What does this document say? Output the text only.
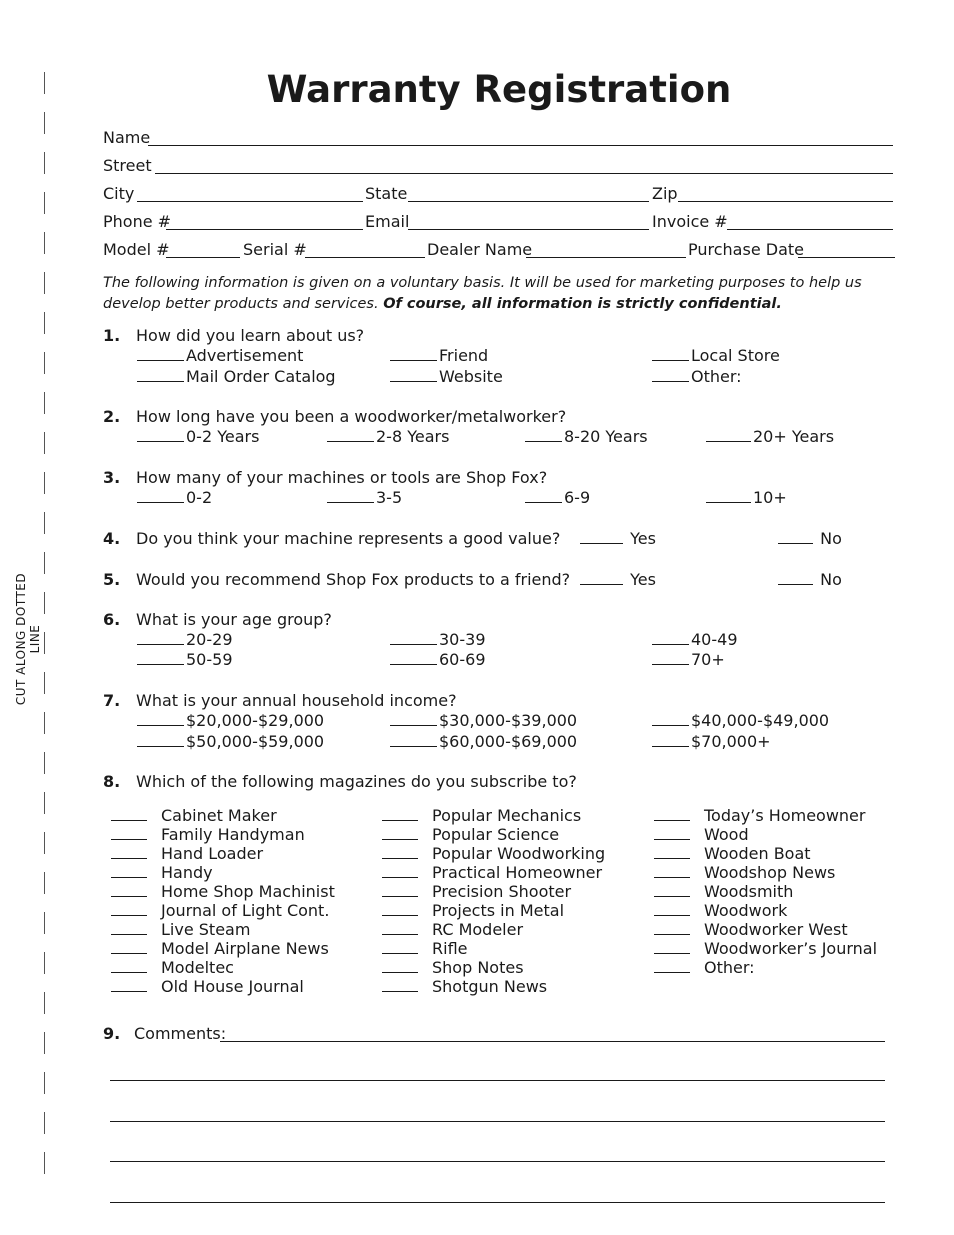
CUT ALONG DOTTED LINE
Warranty Registration
Name
Street
City	State	Zip
Phone #	Email	Invoice #
Model #	Serial #	Dealer Name	Purchase Date
The following information is given on a voluntary basis. It will be used for marketing purposes to help us develop better products and services. Of course, all information is strictly confidential.
1. How did you learn about us?
Advertisement	Friend	Local Store
Mail Order Catalog	Website	Other:
2. How long have you been a woodworker/metalworker?
0-2 Years	2-8 Years	8-20 Years	20+ Years
3. How many of your machines or tools are Shop Fox?
0-2	3-5	6-9	10+
4. Do you think your machine represents a good value?	Yes	No
5. Would you recommend Shop Fox products to a friend?	Yes	No
6. What is your age group?
20-29	30-39	40-49
50-59	60-69	70+
7. What is your annual household income?
$20,000-$29,000	$30,000-$39,000	$40,000-$49,000
$50,000-$59,000	$60,000-$69,000	$70,000+
8. Which of the following magazines do you subscribe to?
Cabinet Maker
Family Handyman
Hand Loader
Handy
Home Shop Machinist
Journal of Light Cont.
Live Steam
Model Airplane News
Modeltec
Old House Journal
Popular Mechanics
Popular Science
Popular Woodworking
Practical Homeowner
Precision Shooter
Projects in Metal
RC Modeler
Rifle
Shop Notes
Shotgun News
Today’s Homeowner
Wood
Wooden Boat
Woodshop News
Woodsmith
Woodwork
Woodworker West
Woodworker’s Journal
Other:
9. Comments:
